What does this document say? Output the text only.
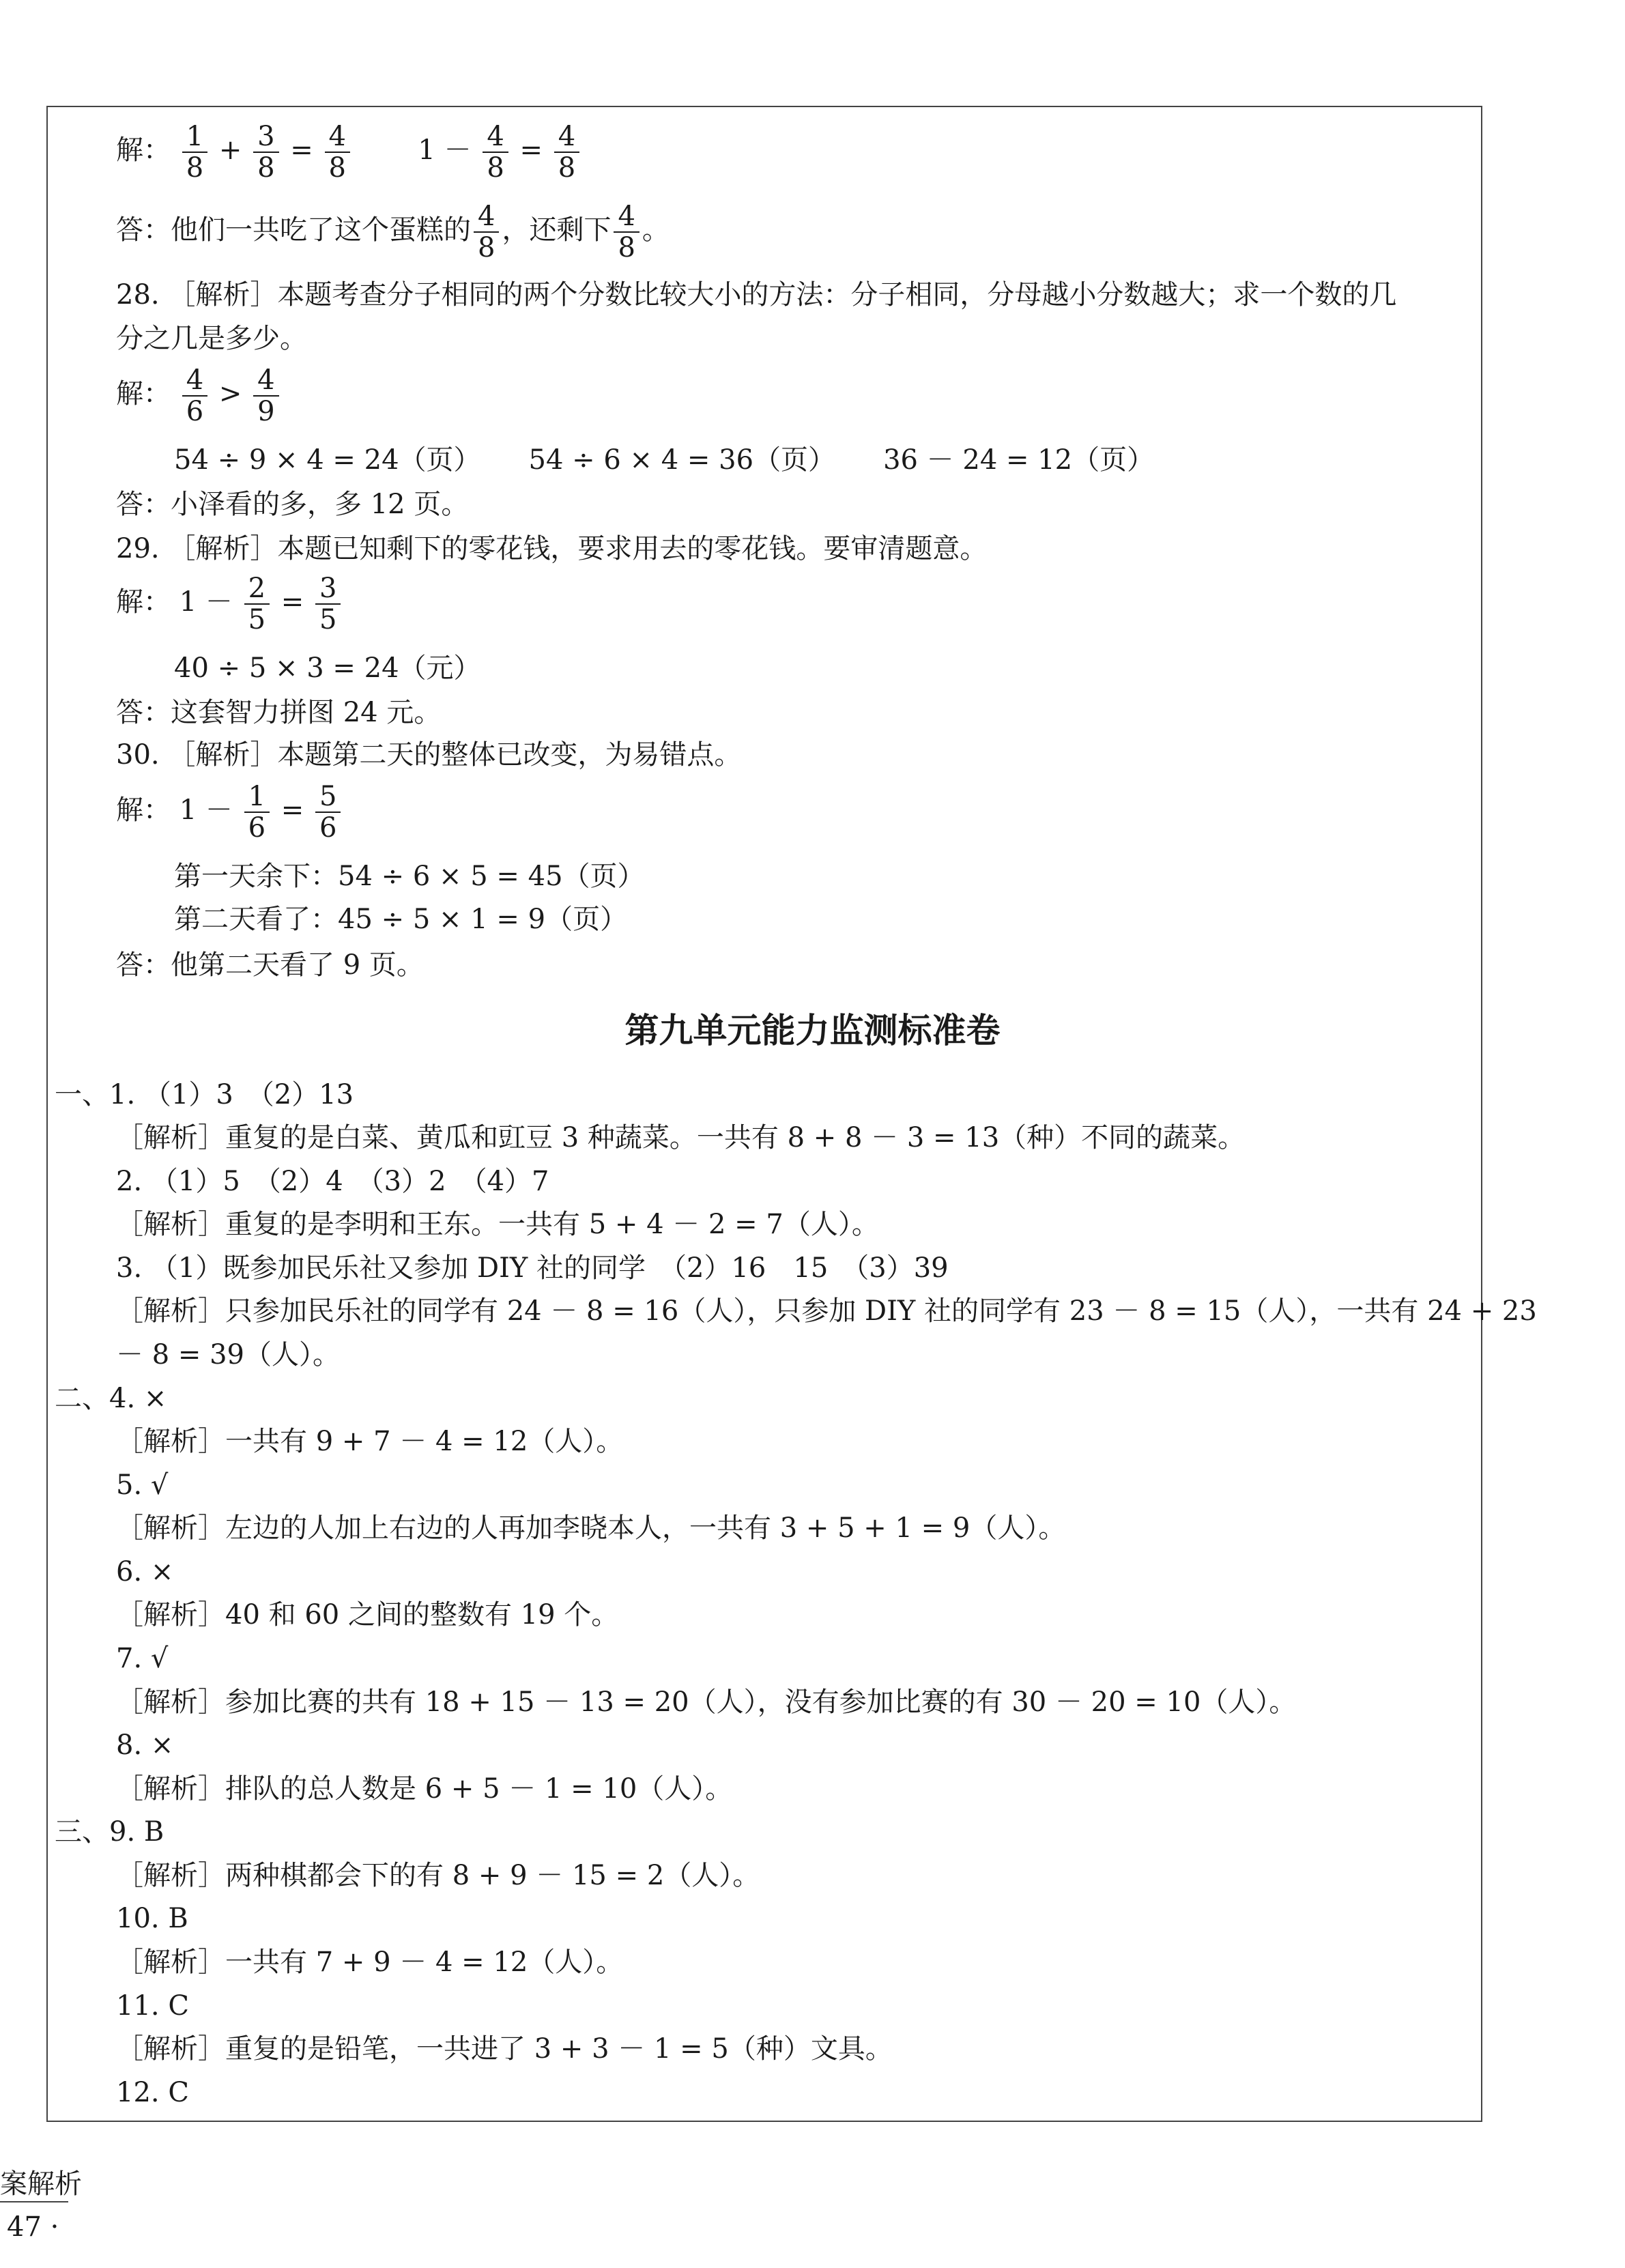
解： $\frac{1}{8} + \frac{3}{8} = \frac{4}{8} 1 - \frac{4}{8} = \frac{4}{8}$
答：他们一共吃了这个蛋糕的 $\frac{4}{8}$ ，还剩下 $\frac{4}{8}$ 。
28. ［解析］本题考查分子相同的两个分数比较大小的方法：分子相同，分母越小分数越大；求一个数的几
分之几是多少。
解： $\frac{4}{6} > \frac{4}{9}$
54 ÷ 9 × 4 = 24（页） 54 ÷ 6 × 4 = 36（页） 36 － 24 = 12（页）
答：小泽看的多，多 12 页。
29. ［解析］本题已知剩下的零花钱，要求用去的零花钱。要审清题意。
解： $1 - \frac{2}{5} = \frac{3}{5}$
40 ÷ 5 × 3 = 24（元）
答：这套智力拼图 24 元。
30. ［解析］本题第二天的整体已改变，为易错点。
解： $1 - \frac{1}{6} = \frac{5}{6}$
第一天余下：54 ÷ 6 × 5 = 45（页）
第二天看了：45 ÷ 5 × 1 = 9（页）
答：他第二天看了 9 页。
第九单元能力监测标准卷
一、1. （1）3　（2）13
［解析］重复的是白菜、黄瓜和豇豆 3 种蔬菜。一共有 8 + 8 － 3 = 13（种）不同的蔬菜。
2. （1）5　（2）4　（3）2　（4）7
［解析］重复的是李明和王东。一共有 5 + 4 － 2 = 7（人）。
3. （1）既参加民乐社又参加 DIY 社的同学　（2）16　15　（3）39
［解析］只参加民乐社的同学有 24 － 8 = 16（人），只参加 DIY 社的同学有 23 － 8 = 15（人），一共有 24 + 23
－ 8 = 39（人）。
二、4. ×
［解析］一共有 9 + 7 － 4 = 12（人）。
5. √
［解析］左边的人加上右边的人再加李晓本人，一共有 3 + 5 + 1 = 9（人）。
6. ×
［解析］40 和 60 之间的整数有 19 个。
7. √
［解析］参加比赛的共有 18 + 15 － 13 = 20（人），没有参加比赛的有 30 － 20 = 10（人）。
8. ×
［解析］排队的总人数是 6 + 5 － 1 = 10（人）。
三、9. B
［解析］两种棋都会下的有 8 + 9 － 15 = 2（人）。
10. B
［解析］一共有 7 + 9 － 4 = 12（人）。
11. C
［解析］重复的是铅笔，一共进了 3 + 3 － 1 = 5（种）文具。
12. C
案解析
47 ·
